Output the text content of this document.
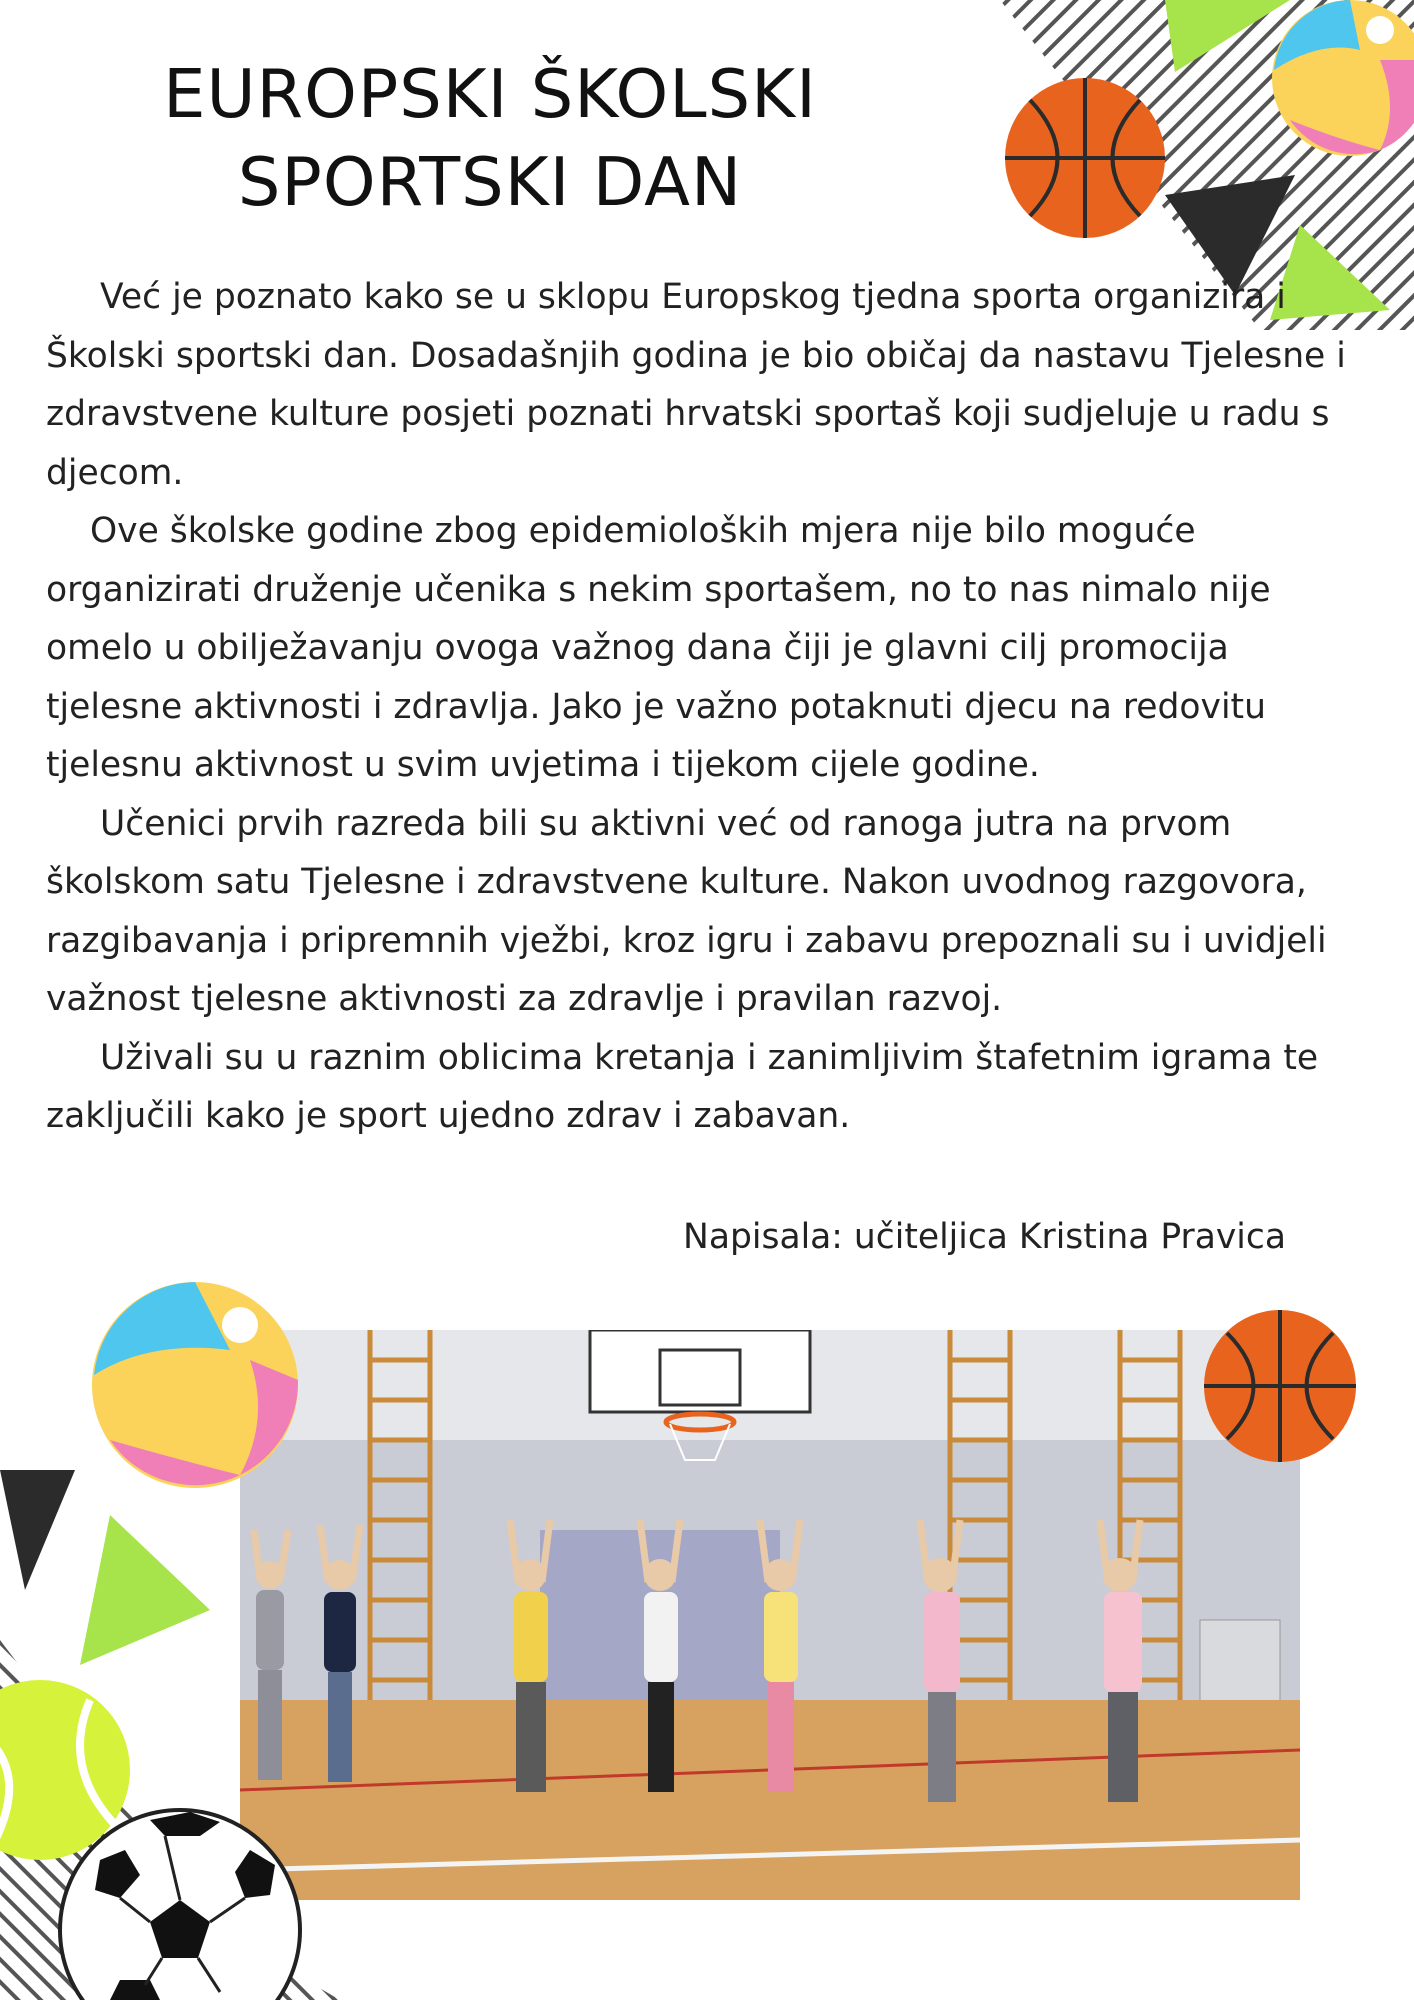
EUROPSKI ŠKOLSKI
SPORTSKI DAN

Već je poznato kako se u sklopu Europskog tjedna sporta organizira i Školski sportski dan. Dosadašnjih godina je bio običaj da nastavu Tjelesne i zdravstvene kulture posjeti poznati hrvatski sportaš koji sudjeluje u radu s djecom.

Ove školske godine zbog epidemioloških mjera nije bilo moguće organizirati druženje učenika s nekim sportašem, no to nas nimalo nije omelo u obilježavanju ovoga važnog dana čiji je glavni cilj promocija tjelesne aktivnosti i zdravlja. Jako je važno potaknuti djecu na redovitu tjelesnu aktivnost u svim uvjetima i tijekom cijele godine.

Učenici prvih razreda bili su aktivni već od ranoga jutra na prvom školskom satu Tjelesne i zdravstvene kulture. Nakon uvodnog razgovora, razgibavanja i pripremnih vježbi, kroz igru i zabavu prepoznali su i uvidjeli važnost tjelesne aktivnosti za zdravlje i pravilan razvoj.

Uživali su u raznim oblicima kretanja i zanimljivim štafetnim igrama te zaključili kako je sport ujedno zdrav i zabavan.

Napisala: učiteljica Kristina Pravica
